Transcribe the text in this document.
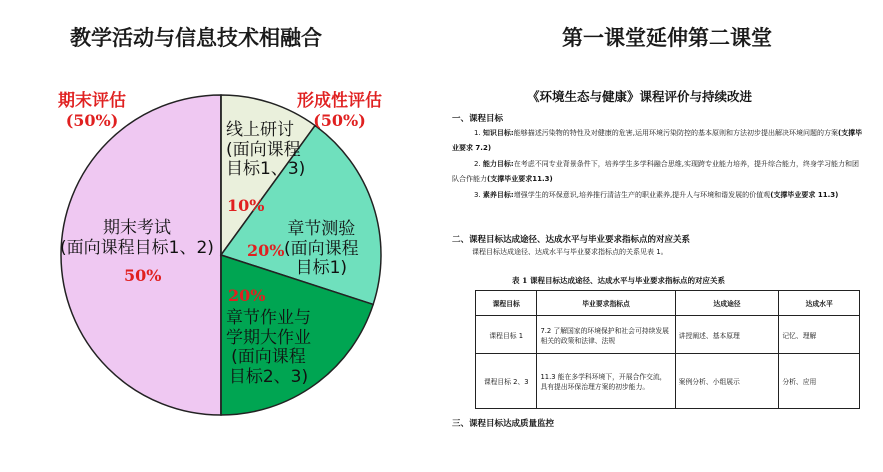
教学活动与信息技术相融合	第一课堂延伸第二课堂
期末评估
(50%)
形成性评估
(50%)
期末考试
(面向课程目标1、2)
50%
线上研讨
(面向课程
目标1、3)
10%
章节测验
(面向课程
目标1)
20%
20%
章节作业与
学期大作业
(面向课程
目标2、3)
《环境生态与健康》课程评价与持续改进
一、课程目标
1. 知识目标:能够描述污染物的特性及对健康的危害,运用环境污染防控的基本原则和方法初步提出解决环境问题的方案(支撑毕业要求 7.2)
2. 能力目标:在考虑不同专业背景条件下，培养学生多学科融合思维,实现跨专业能力培养，提升综合能力，终身学习能力和团队合作能力(支撑毕业要求11.3)
3. 素养目标:增强学生的环保意识,培养推行清洁生产的职业素养,提升人与环境和谐发展的价值观(支撑毕业要求 11.3)
二、课程目标达成途径、达成水平与毕业要求指标点的对应关系
课程目标达成途径、达成水平与毕业要求指标点的关系见表 1。
表 1 课程目标达成途径、达成水平与毕业要求指标点的对应关系
课程目标	毕业要求指标点	达成途径	达成水平
课程目标 1	7.2 了解国家的环境保护和社会可持续发展相关的政策和法律、法规	讲授阐述、基本原理	记忆、理解
课程目标 2、3	11.3 能在多学科环境下，开展合作交流，具有提出环保治理方案的初步能力。	案例分析、小组展示	分析、应用
三、课程目标达成质量监控
